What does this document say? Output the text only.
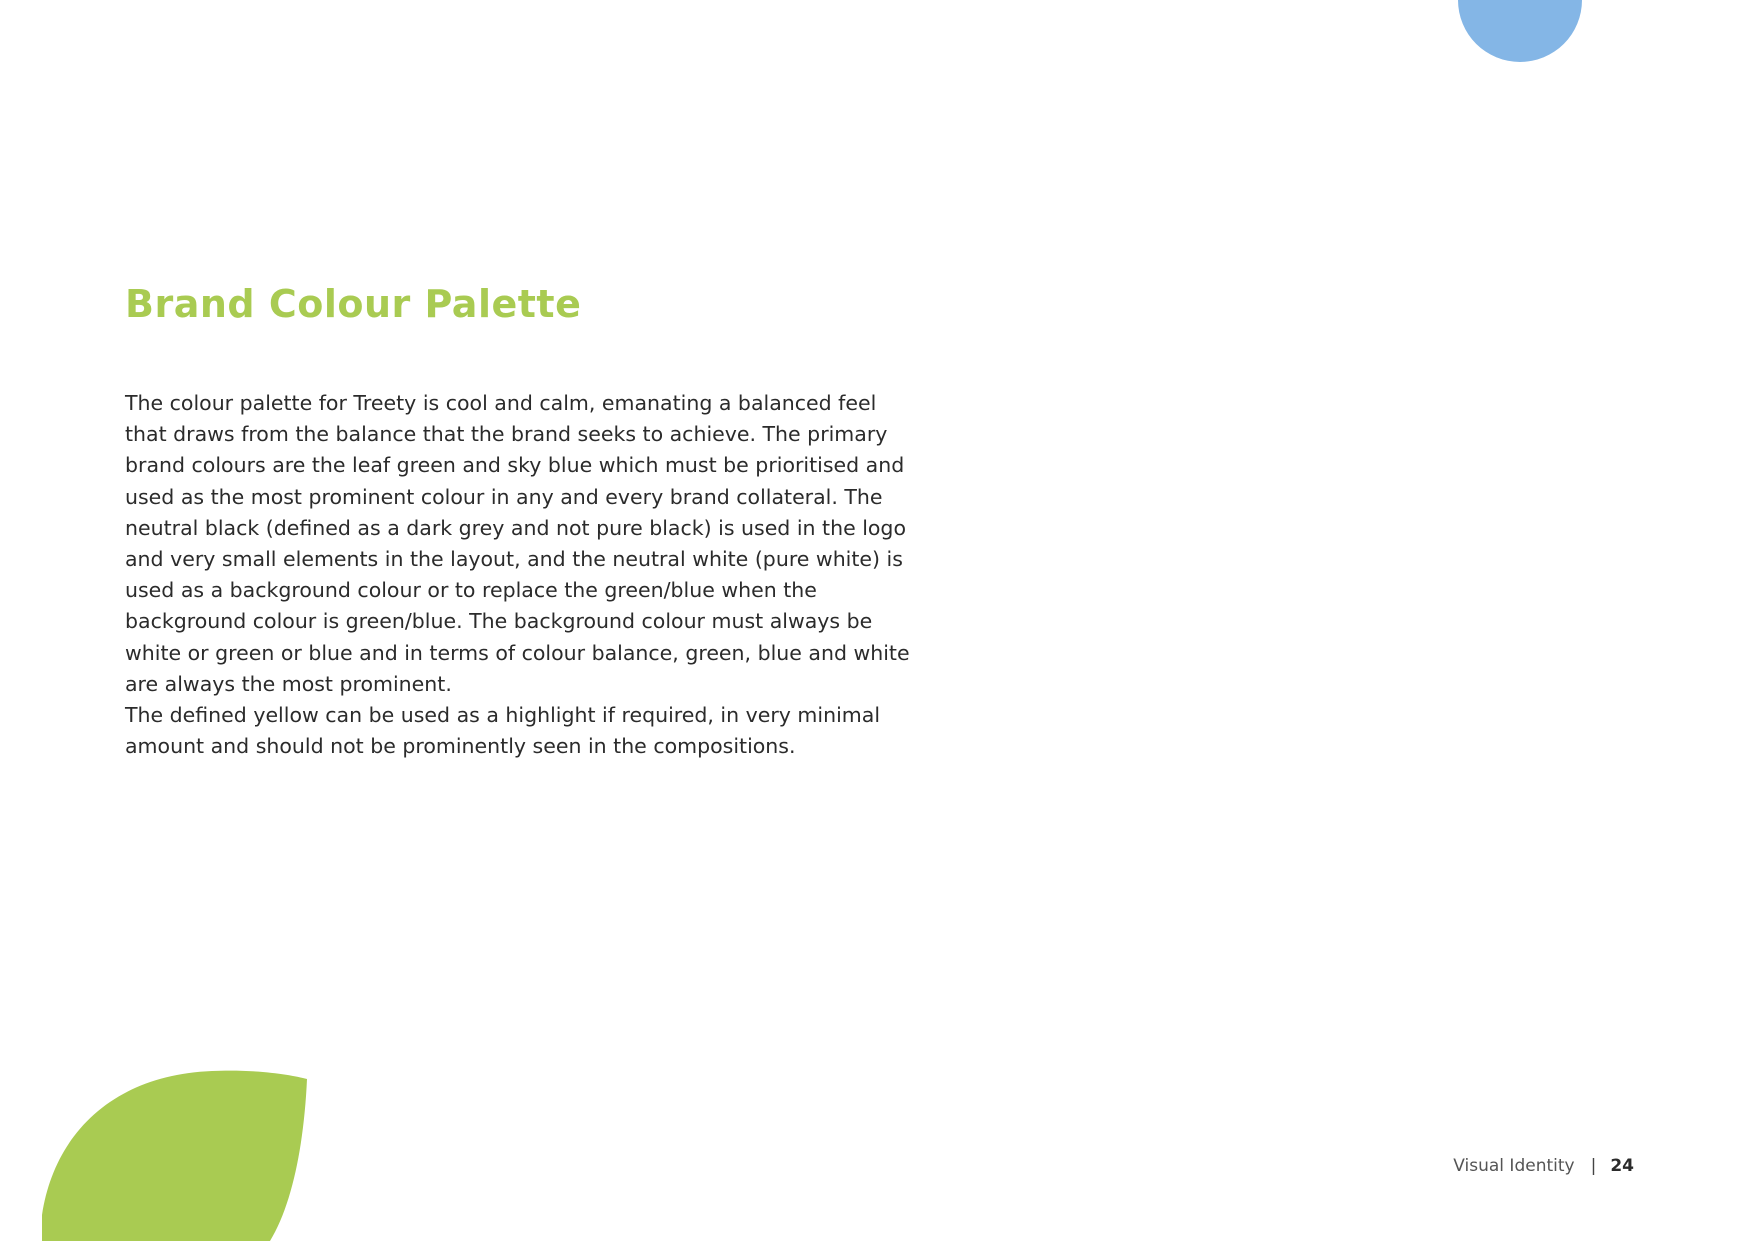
Brand Colour Palette

The colour palette for Treety is cool and calm, emanating a balanced feel that draws from the balance that the brand seeks to achieve. The primary brand colours are the leaf green and sky blue which must be prioritised and used as the most prominent colour in any and every brand collateral. The neutral black (defined as a dark grey and not pure black) is used in the logo and very small elements in the layout, and the neutral white (pure white) is used as a background colour or to replace the green/blue when the background colour is green/blue. The background colour must always be white or green or blue and in terms of colour balance, green, blue and white are always the most prominent.

The defined yellow can be used as a highlight if required, in very minimal amount and should not be prominently seen in the compositions.

Visual Identity | 24
